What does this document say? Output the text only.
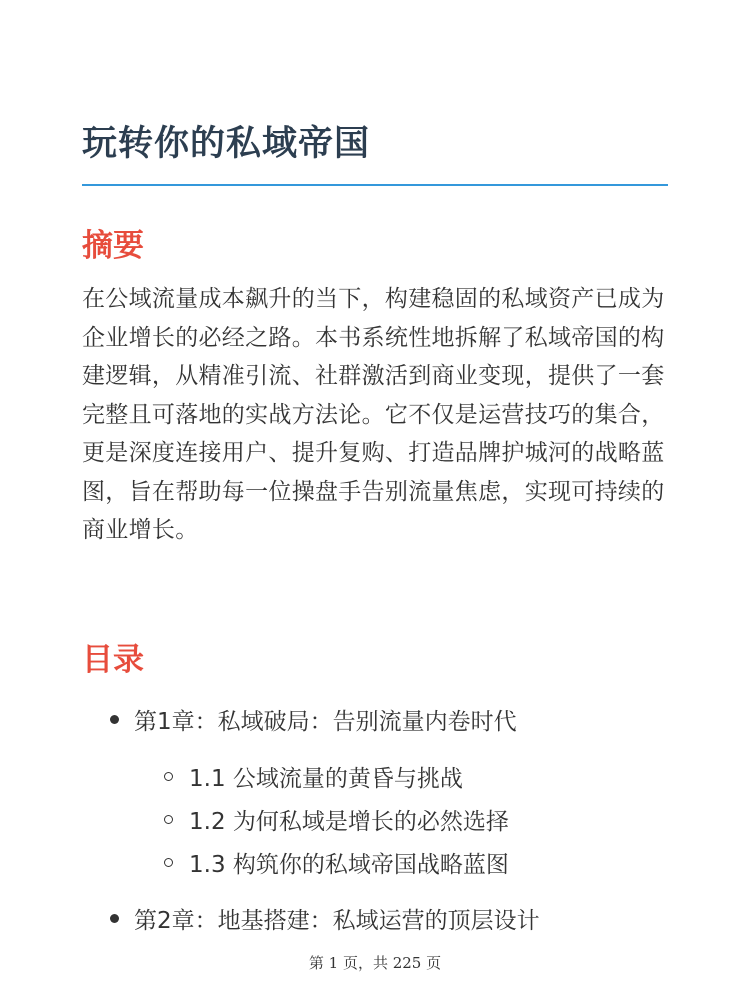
玩转你的私域帝国
摘要

在公域流量成本飙升的当下，构建稳固的私域资产已成为企业增长的必经之路。本书系统性地拆解了私域帝国的构建逻辑，从精准引流、社群激活到商业变现，提供了一套完整且可落地的实战方法论。它不仅是运营技巧的集合，更是深度连接用户、提升复购、打造品牌护城河的战略蓝图，旨在帮助每一位操盘手告别流量焦虑，实现可持续的商业增长。

目录
第1章：私域破局：告别流量内卷时代
1.1 公域流量的黄昏与挑战
1.2 为何私域是增长的必然选择
1.3 构筑你的私域帝国战略蓝图
第2章：地基搭建：私域运营的顶层设计
第 1 页，共 225 页
